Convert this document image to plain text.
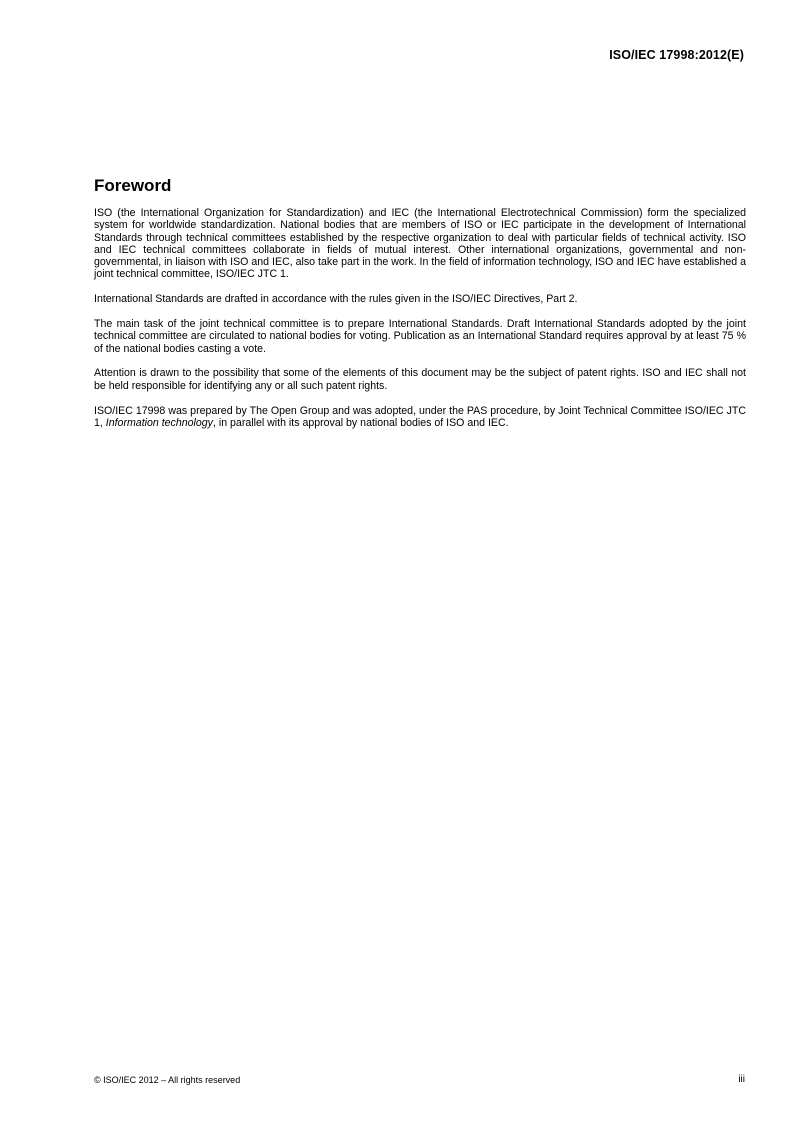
ISO/IEC 17998:2012(E)
Foreword

ISO (the International Organization for Standardization) and IEC (the International Electrotechnical Commission) form the specialized system for worldwide standardization. National bodies that are members of ISO or IEC participate in the development of International Standards through technical committees established by the respective organization to deal with particular fields of technical activity. ISO and IEC technical committees collaborate in fields of mutual interest. Other international organizations, governmental and non-governmental, in liaison with ISO and IEC, also take part in the work. In the field of information technology, ISO and IEC have established a joint technical committee, ISO/IEC JTC 1.

International Standards are drafted in accordance with the rules given in the ISO/IEC Directives, Part 2.

The main task of the joint technical committee is to prepare International Standards. Draft International Standards adopted by the joint technical committee are circulated to national bodies for voting. Publication as an International Standard requires approval by at least 75 % of the national bodies casting a vote.

Attention is drawn to the possibility that some of the elements of this document may be the subject of patent rights. ISO and IEC shall not be held responsible for identifying any or all such patent rights.

ISO/IEC 17998 was prepared by The Open Group and was adopted, under the PAS procedure, by Joint Technical Committee ISO/IEC JTC 1, Information technology, in parallel with its approval by national bodies of ISO and IEC.

© ISO/IEC 2012 – All rights reserved	iii
